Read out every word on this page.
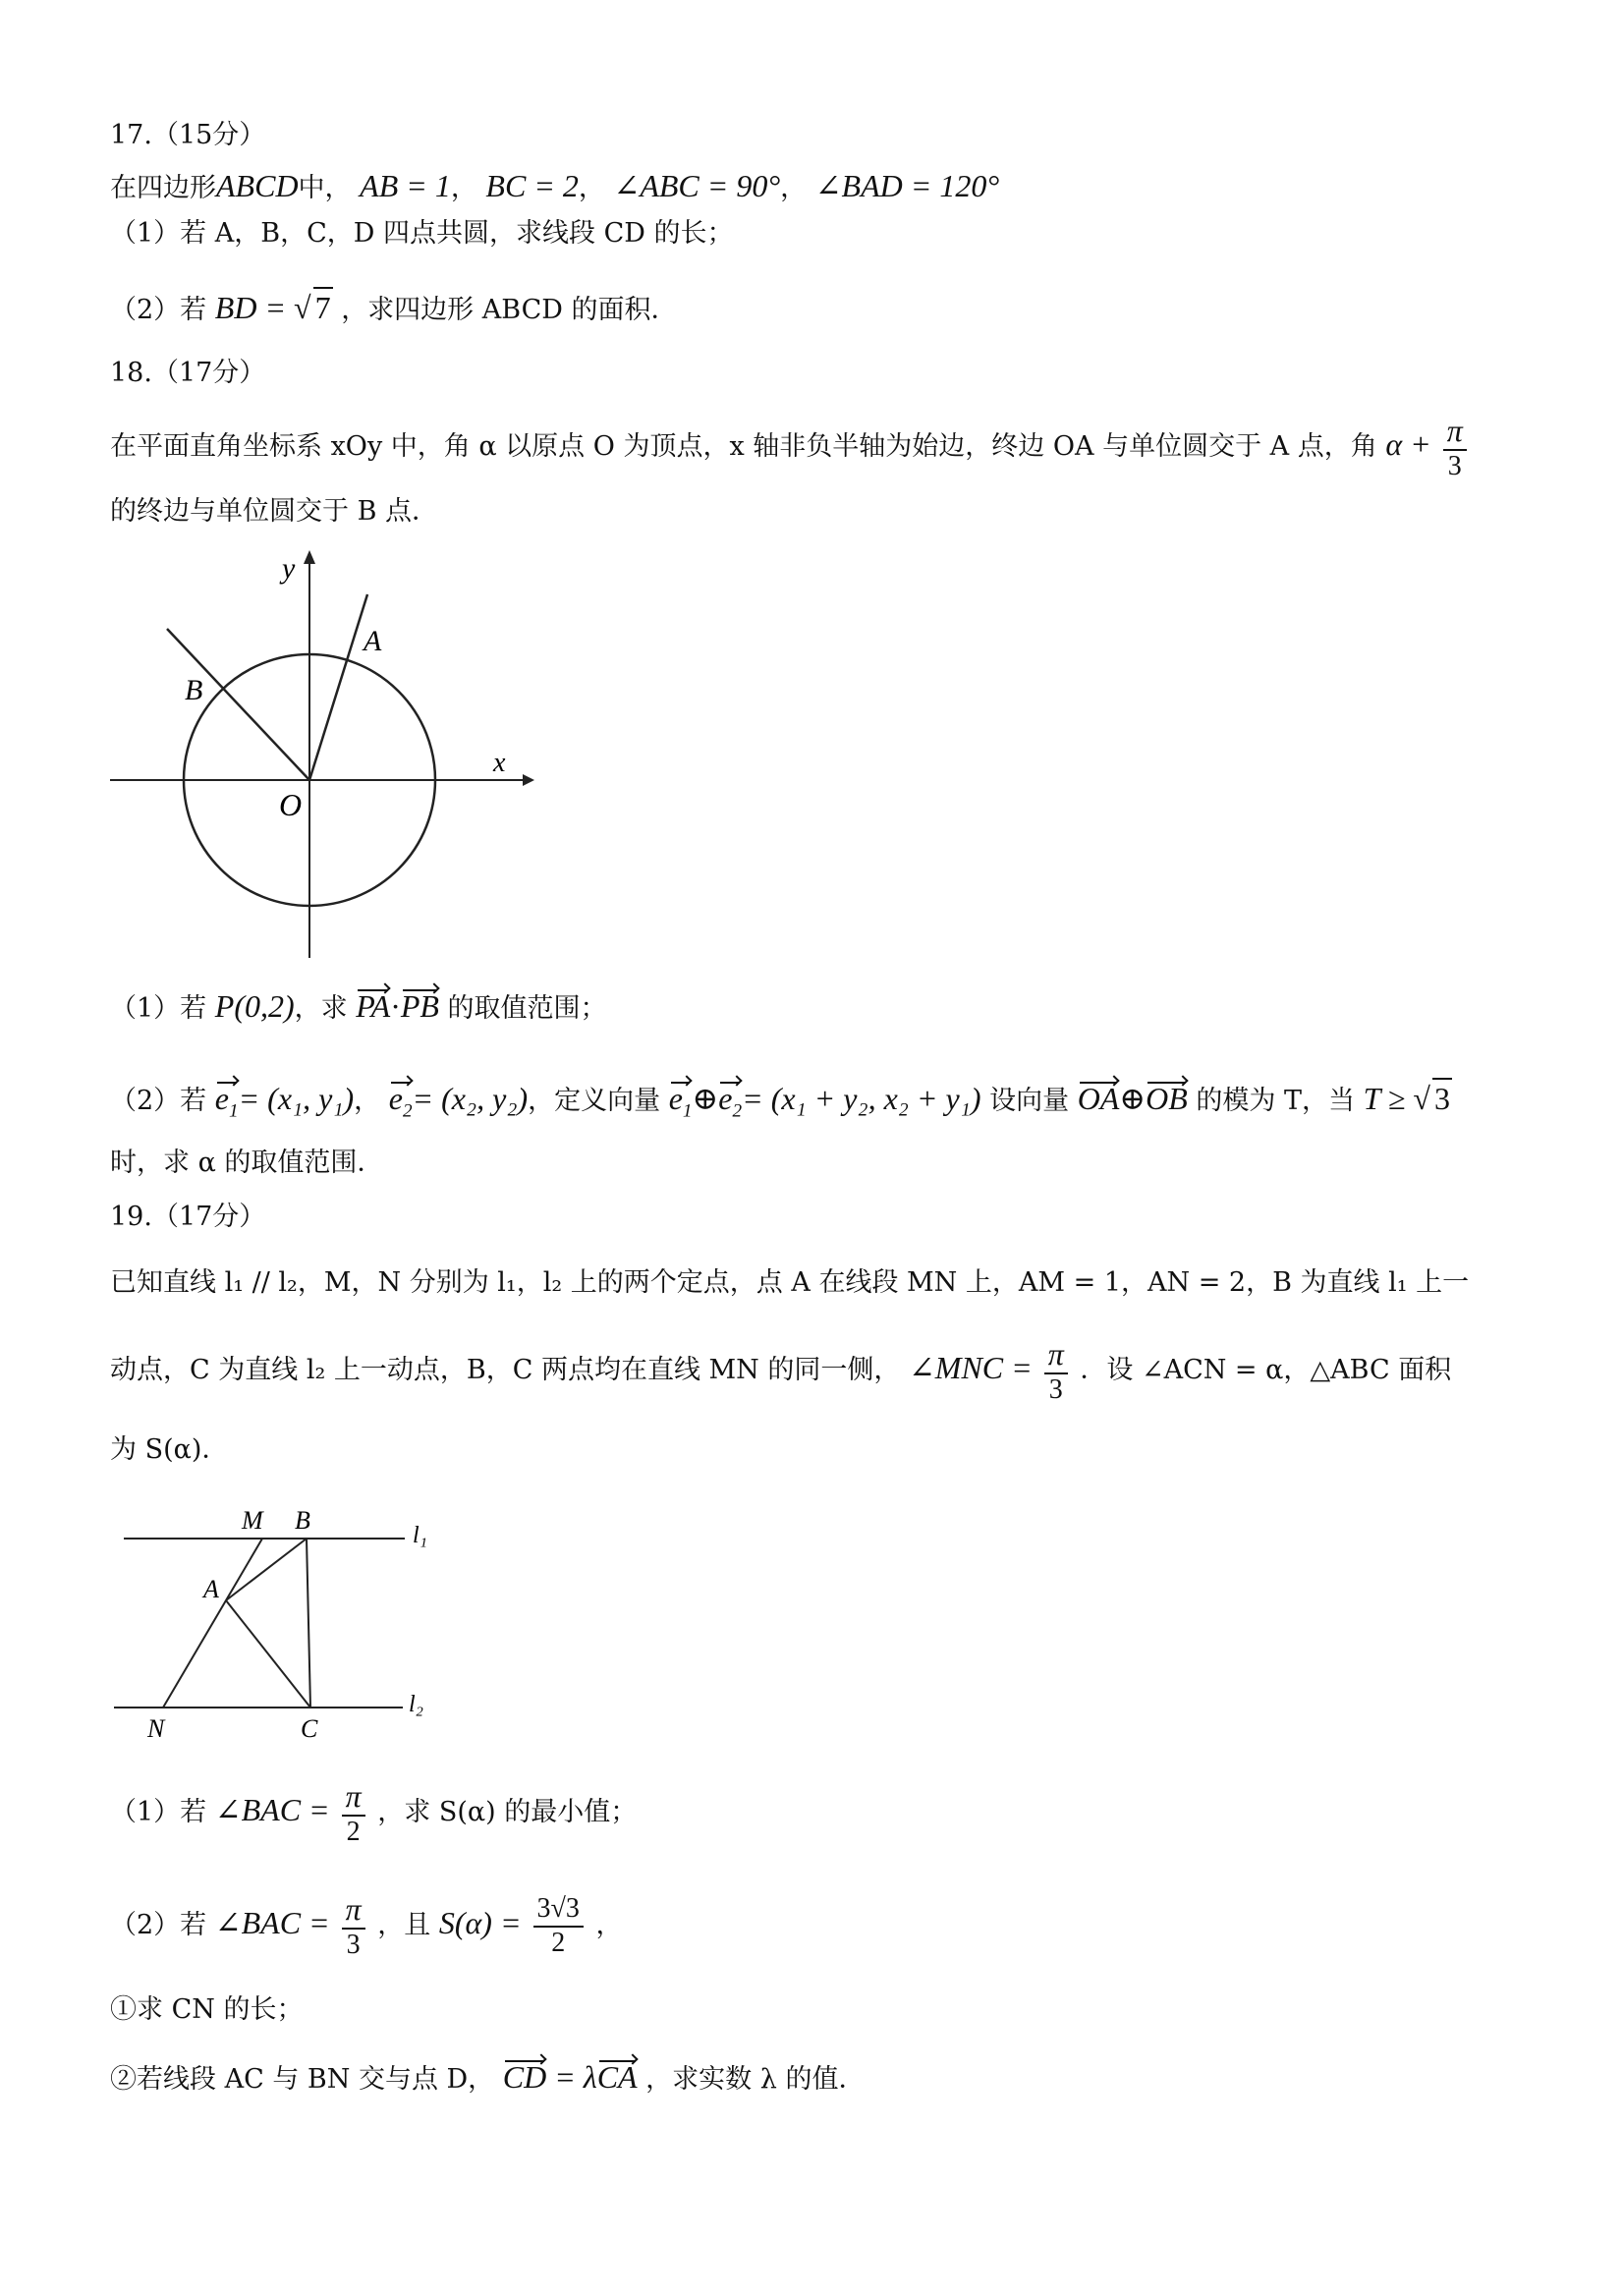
17.（15分）
在四边形ABCD中， AB = 1， BC = 2， ∠ABC = 90°， ∠BAD = 120°
（1）若 A，B，C，D 四点共圆，求线段 CD 的长；
（2）若 BD = √ 7 ，求四边形 ABCD 的面积．
18.（17分）
在平面直角坐标系 xOy 中，角 α 以原点 O 为顶点，x 轴非负半轴为始边，终边 OA 与单位圆交于 A 点，角 $\alpha + \frac{\pi}{3}$
的终边与单位圆交于 B 点．
y
x
O
A
B
（1）若 P(0,2)，求 PA·PB 的取值范围；
（2）若 $e_1= (x_1$, y₁)， $e_2= (x_2$, y₂)，定义向量 $e_1\oplus e_2= (x_1 + y_2$, x₂ + y₁) 设向量 OA⊕OB 的模为 T，当 T ≥ √ 3
时，求 α 的取值范围．
19.（17分）
已知直线 l₁ // l₂，M，N 分别为 l₁，l₂ 上的两个定点，点 A 在线段 MN 上，AM = 1，AN = 2，B 为直线 l₁ 上一
动点，C 为直线 l₂ 上一动点，B，C 两点均在直线 MN 的同一侧， ∠MNC = $\frac{\pi}{3}$ ．设 ∠ACN = α，△ABC 面积
为 S(α)．
M B
A
N	C
l₁
l₂
（1）若 ∠BAC = $\frac{\pi}{2}$ ，求 S(α) 的最小值；
（2）若 ∠BAC = $\frac{\pi}{3}$ ，且 $S(\alpha) = \frac{3√3}{2}$ ，
①求 CN 的长；
②若线段 AC 与 BN 交与点 D， CD = λCA ，求实数 λ 的值．
